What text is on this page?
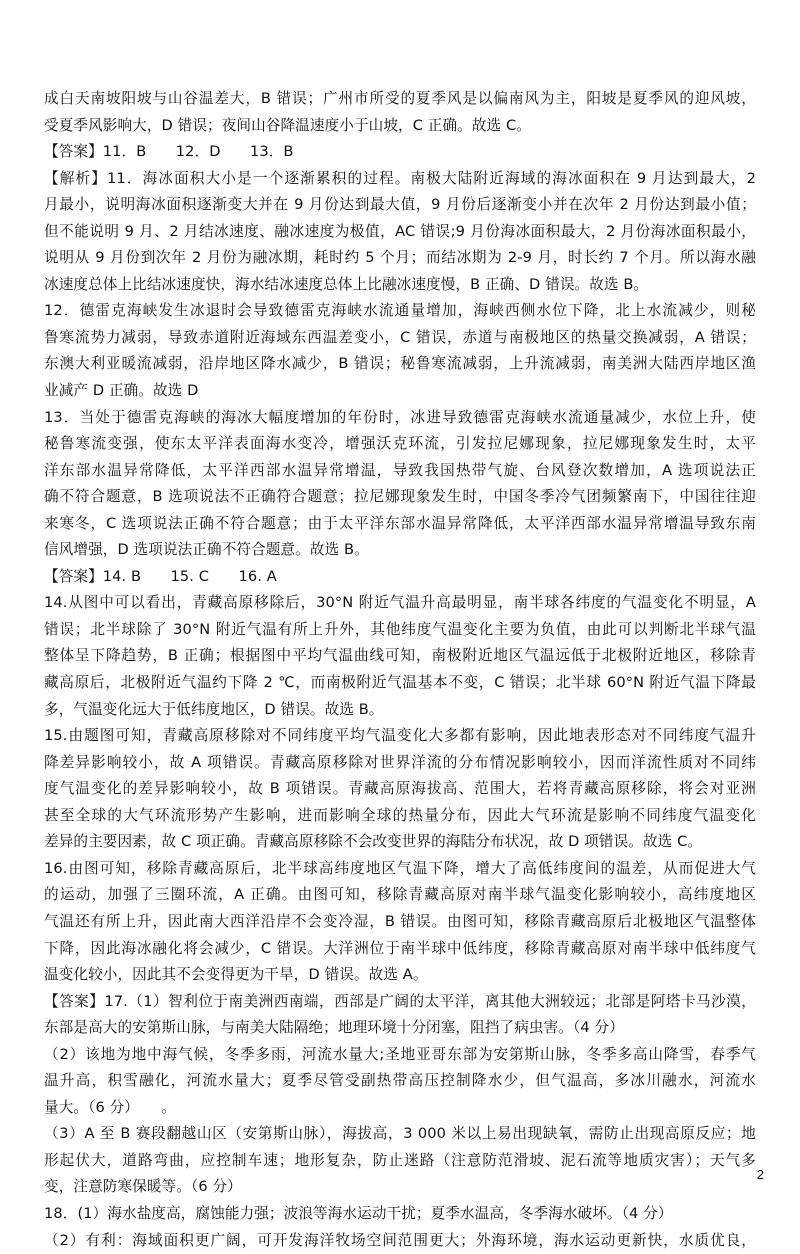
成白天南坡阳坡与山谷温差大，B 错误；广州市所受的夏季风是以偏南风为主，阳坡是夏季风的迎风坡，
受夏季风影响大，D 错误；夜间山谷降温速度小于山坡，C 正确。故选 C。
【答案】11．B　　12．D　　13．B
【解析】11．海冰面积大小是一个逐渐累积的过程。南极大陆附近海域的海冰面积在 9 月达到最大，2
月最小，说明海冰面积逐渐变大并在 9 月份达到最大值，9 月份后逐渐变小并在次年 2 月份达到最小值；
但不能说明 9 月、2 月结冰速度、融冰速度为极值，AC 错误;9 月份海冰面积最大，2 月份海冰面积最小，
说明从 9 月份到次年 2 月份为融冰期，耗时约 5 个月；而结冰期为 2-9 月，时长约 7 个月。所以海水融
冰速度总体上比结冰速度快，海水结冰速度总体上比融冰速度慢，B 正确、D 错误。故选 B。
12．德雷克海峡发生冰退时会导致德雷克海峡水流通量增加，海峡西侧水位下降，北上水流减少，则秘
鲁寒流势力减弱，导致赤道附近海域东西温差变小，C 错误，赤道与南极地区的热量交换减弱，A 错误；
东澳大利亚暖流减弱，沿岸地区降水减少，B 错误；秘鲁寒流减弱，上升流减弱，南美洲大陆西岸地区渔
业减产 D 正确。故选 D
13．当处于德雷克海峡的海冰大幅度增加的年份时，冰进导致德雷克海峡水流通量减少，水位上升，使
秘鲁寒流变强，使东太平洋表面海水变冷，增强沃克环流，引发拉尼娜现象，拉尼娜现象发生时，太平
洋东部水温异常降低，太平洋西部水温异常增温，导致我国热带气旋、台风登次数增加，A 选项说法正
确不符合题意，B 选项说法不正确符合题意；拉尼娜现象发生时，中国冬季冷气团频繁南下，中国往往迎
来寒冬，C 选项说法正确不符合题意；由于太平洋东部水温异常降低，太平洋西部水温异常增温导致东南
信风增强，D 选项说法正确不符合题意。故选 B。
【答案】14. B　　15. C　　16. A
14.从图中可以看出，青藏高原移除后，30°N 附近气温升高最明显，南半球各纬度的气温变化不明显，A
错误；北半球除了 30°N 附近气温有所上升外，其他纬度气温变化主要为负值，由此可以判断北半球气温
整体呈下降趋势，B 正确；根据图中平均气温曲线可知，南极附近地区气温远低于北极附近地区，移除青
藏高原后，北极附近气温约下降 2 ℃，而南极附近气温基本不变，C 错误；北半球 60°N 附近气温下降最
多，气温变化远大于低纬度地区，D 错误。故选 B。
15.由题图可知，青藏高原移除对不同纬度平均气温变化大多都有影响，因此地表形态对不同纬度气温升
降差异影响较小，故 A 项错误。青藏高原移除对世界洋流的分布情况影响较小，因而洋流性质对不同纬
度气温变化的差异影响较小，故 B 项错误。青藏高原海拔高、范围大，若将青藏高原移除，将会对亚洲
甚至全球的大气环流形势产生影响，进而影响全球的热量分布，因此大气环流是影响不同纬度气温变化
差异的主要因素，故 C 项正确。青藏高原移除不会改变世界的海陆分布状况，故 D 项错误。故选 C。
16.由图可知，移除青藏高原后，北半球高纬度地区气温下降，增大了高低纬度间的温差，从而促进大气
的运动，加强了三圈环流，A 正确。由图可知，移除青藏高原对南半球气温变化影响较小，高纬度地区
气温还有所上升，因此南大西洋沿岸不会变冷湿，B 错误。由图可知，移除青藏高原后北极地区气温整体
下降，因此海冰融化将会减少，C 错误。大洋洲位于南半球中低纬度，移除青藏高原对南半球中低纬度气
温变化较小，因此其不会变得更为干旱，D 错误。故选 A。
【答案】17.（1）智利位于南美洲西南端，西部是广阔的太平洋，离其他大洲较远；北部是阿塔卡马沙漠，
东部是高大的安第斯山脉，与南美大陆隔绝；地理环境十分闭塞，阻挡了病虫害。（4 分）
（2）该地为地中海气候，冬季多雨，河流水量大;圣地亚哥东部为安第斯山脉，冬季多高山降雪，春季气
温升高，积雪融化，河流水量大；夏季尽管受副热带高压控制降水少，但气温高，多冰川融水，河流水
量大。（6 分）　　。
（3）A 至 B 赛段翻越山区（安第斯山脉），海拔高，3 000 米以上易出现缺氧，需防止出现高原反应；地
形起伏大，道路弯曲，应控制车速；地形复杂，防止迷路（注意防范滑坡、泥石流等地质灾害）；天气多
变，注意防寒保暖等。（6 分）
18．(1）海水盐度高，腐蚀能力强；波浪等海水运动干扰；夏季水温高，冬季海水破坏。（4 分）
（2）有利：海域面积更广阔，可开发海洋牧场空间范围更大；外海环境，海水运动更新快，水质优良，
2
